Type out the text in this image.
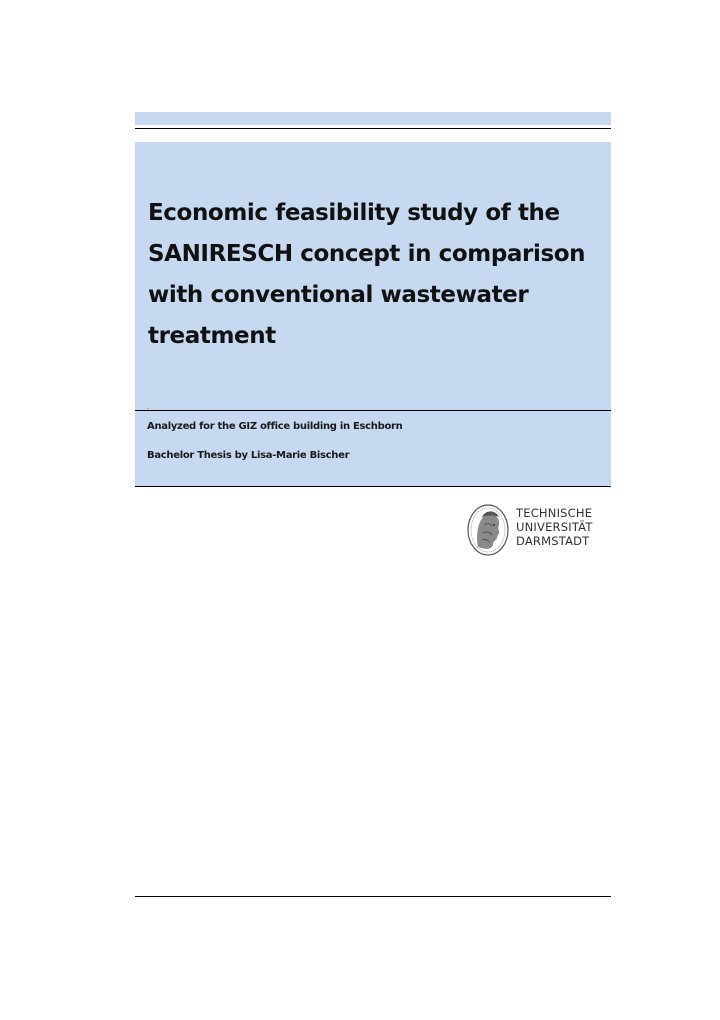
Economic feasibility study of the SANIRESCH concept in comparison with conventional wastewater treatment
.

Analyzed for the GIZ office building in Eschborn

Bachelor Thesis by Lisa-Marie Bischer

TECHNISCHE
UNIVERSITÄT
DARMSTADT
